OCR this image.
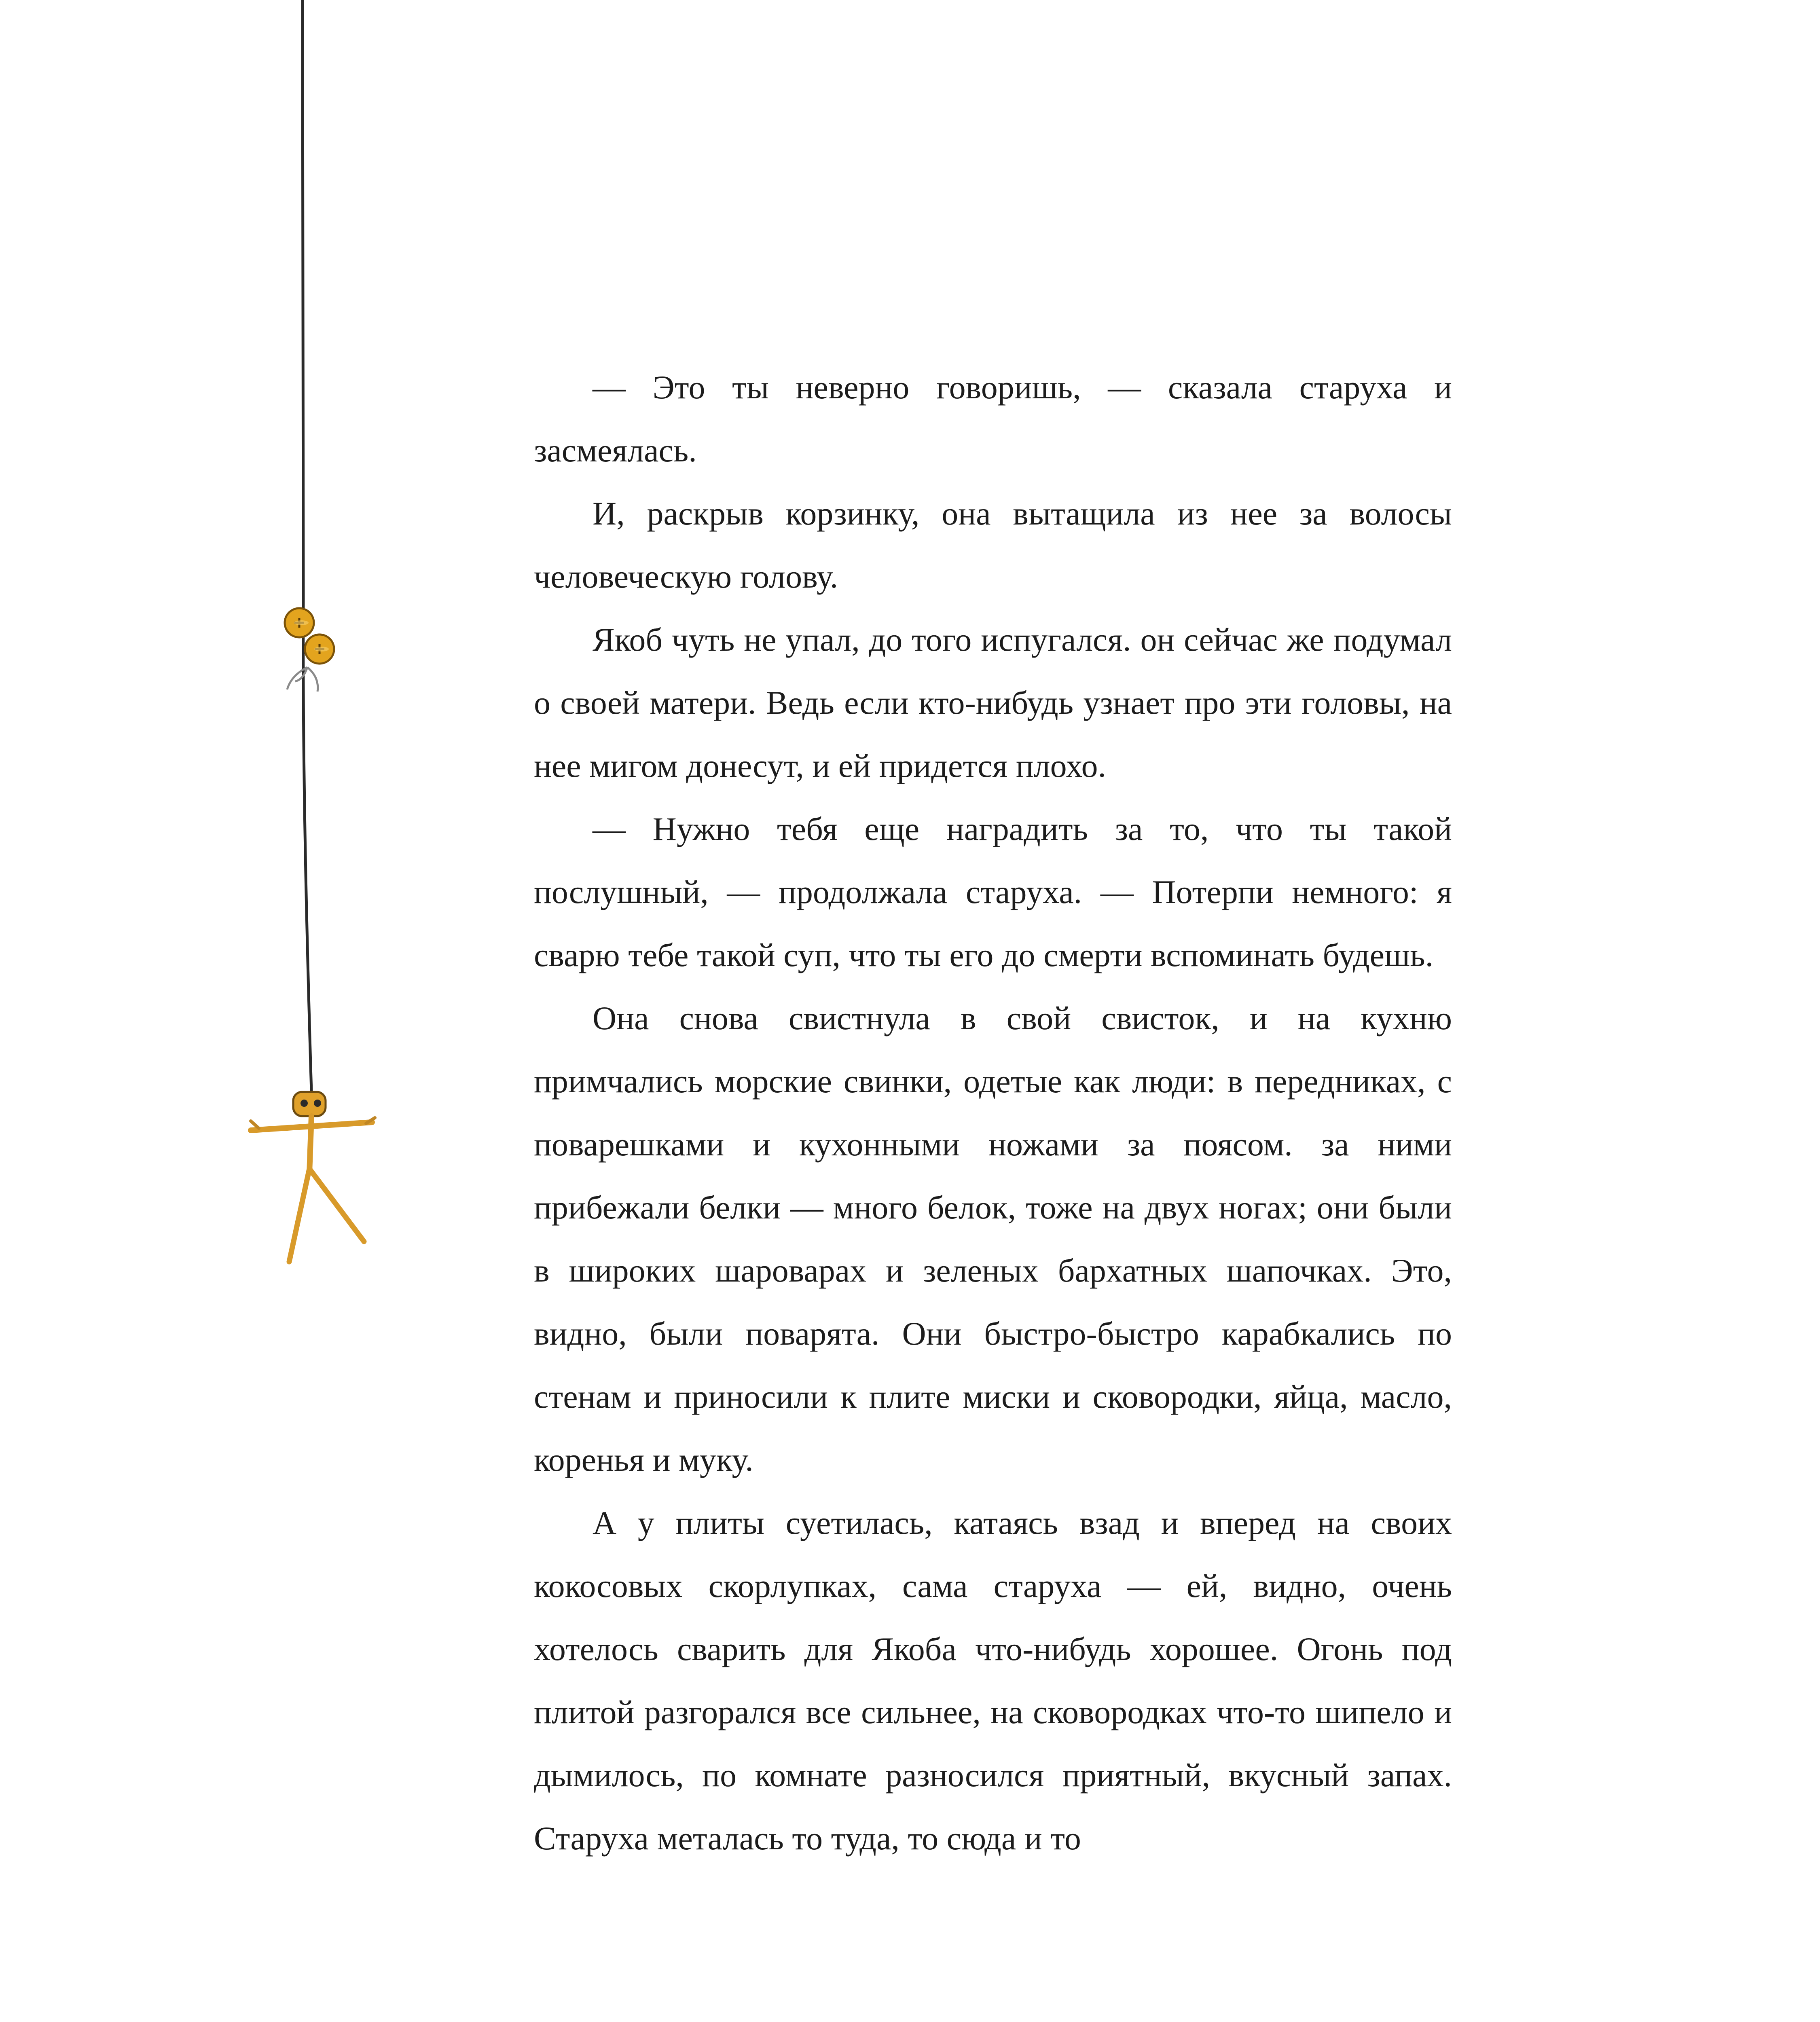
— Это ты неверно говоришь, — сказала старуха и засмеялась.

И, раскрыв корзинку, она вытащила из нее за волосы человеческую голову.

Якоб чуть не упал, до того испугался. он сейчас же подумал о своей матери. Ведь если кто-нибудь узнает про эти головы, на нее мигом донесут, и ей придется плохо.

— Нужно тебя еще наградить за то, что ты такой послушный, — продолжала старуха. — Потерпи немного: я сварю тебе такой суп, что ты его до смерти вспоминать будешь.

Она снова свистнула в свой свисток, и на кухню примчались морские свинки, одетые как люди: в передниках, с поварешками и кухонными ножами за поясом. за ними прибежали белки — много белок, тоже на двух ногах; они были в широких шароварах и зеленых бархатных шапочках. Это, видно, были поварята. Они быстро-быстро карабкались по стенам и приносили к плите миски и сковородки, яйца, масло, коренья и муку.

А у плиты суетилась, катаясь взад и вперед на своих кокосовых скорлупках, сама старуха — ей, видно, очень хотелось сварить для Якоба что-нибудь хорошее. Огонь под плитой разгорался все сильнее, на сковородках что-то шипело и дымилось, по комнате разносился приятный, вкусный запах. Старуха металась то туда, то сюда и то
